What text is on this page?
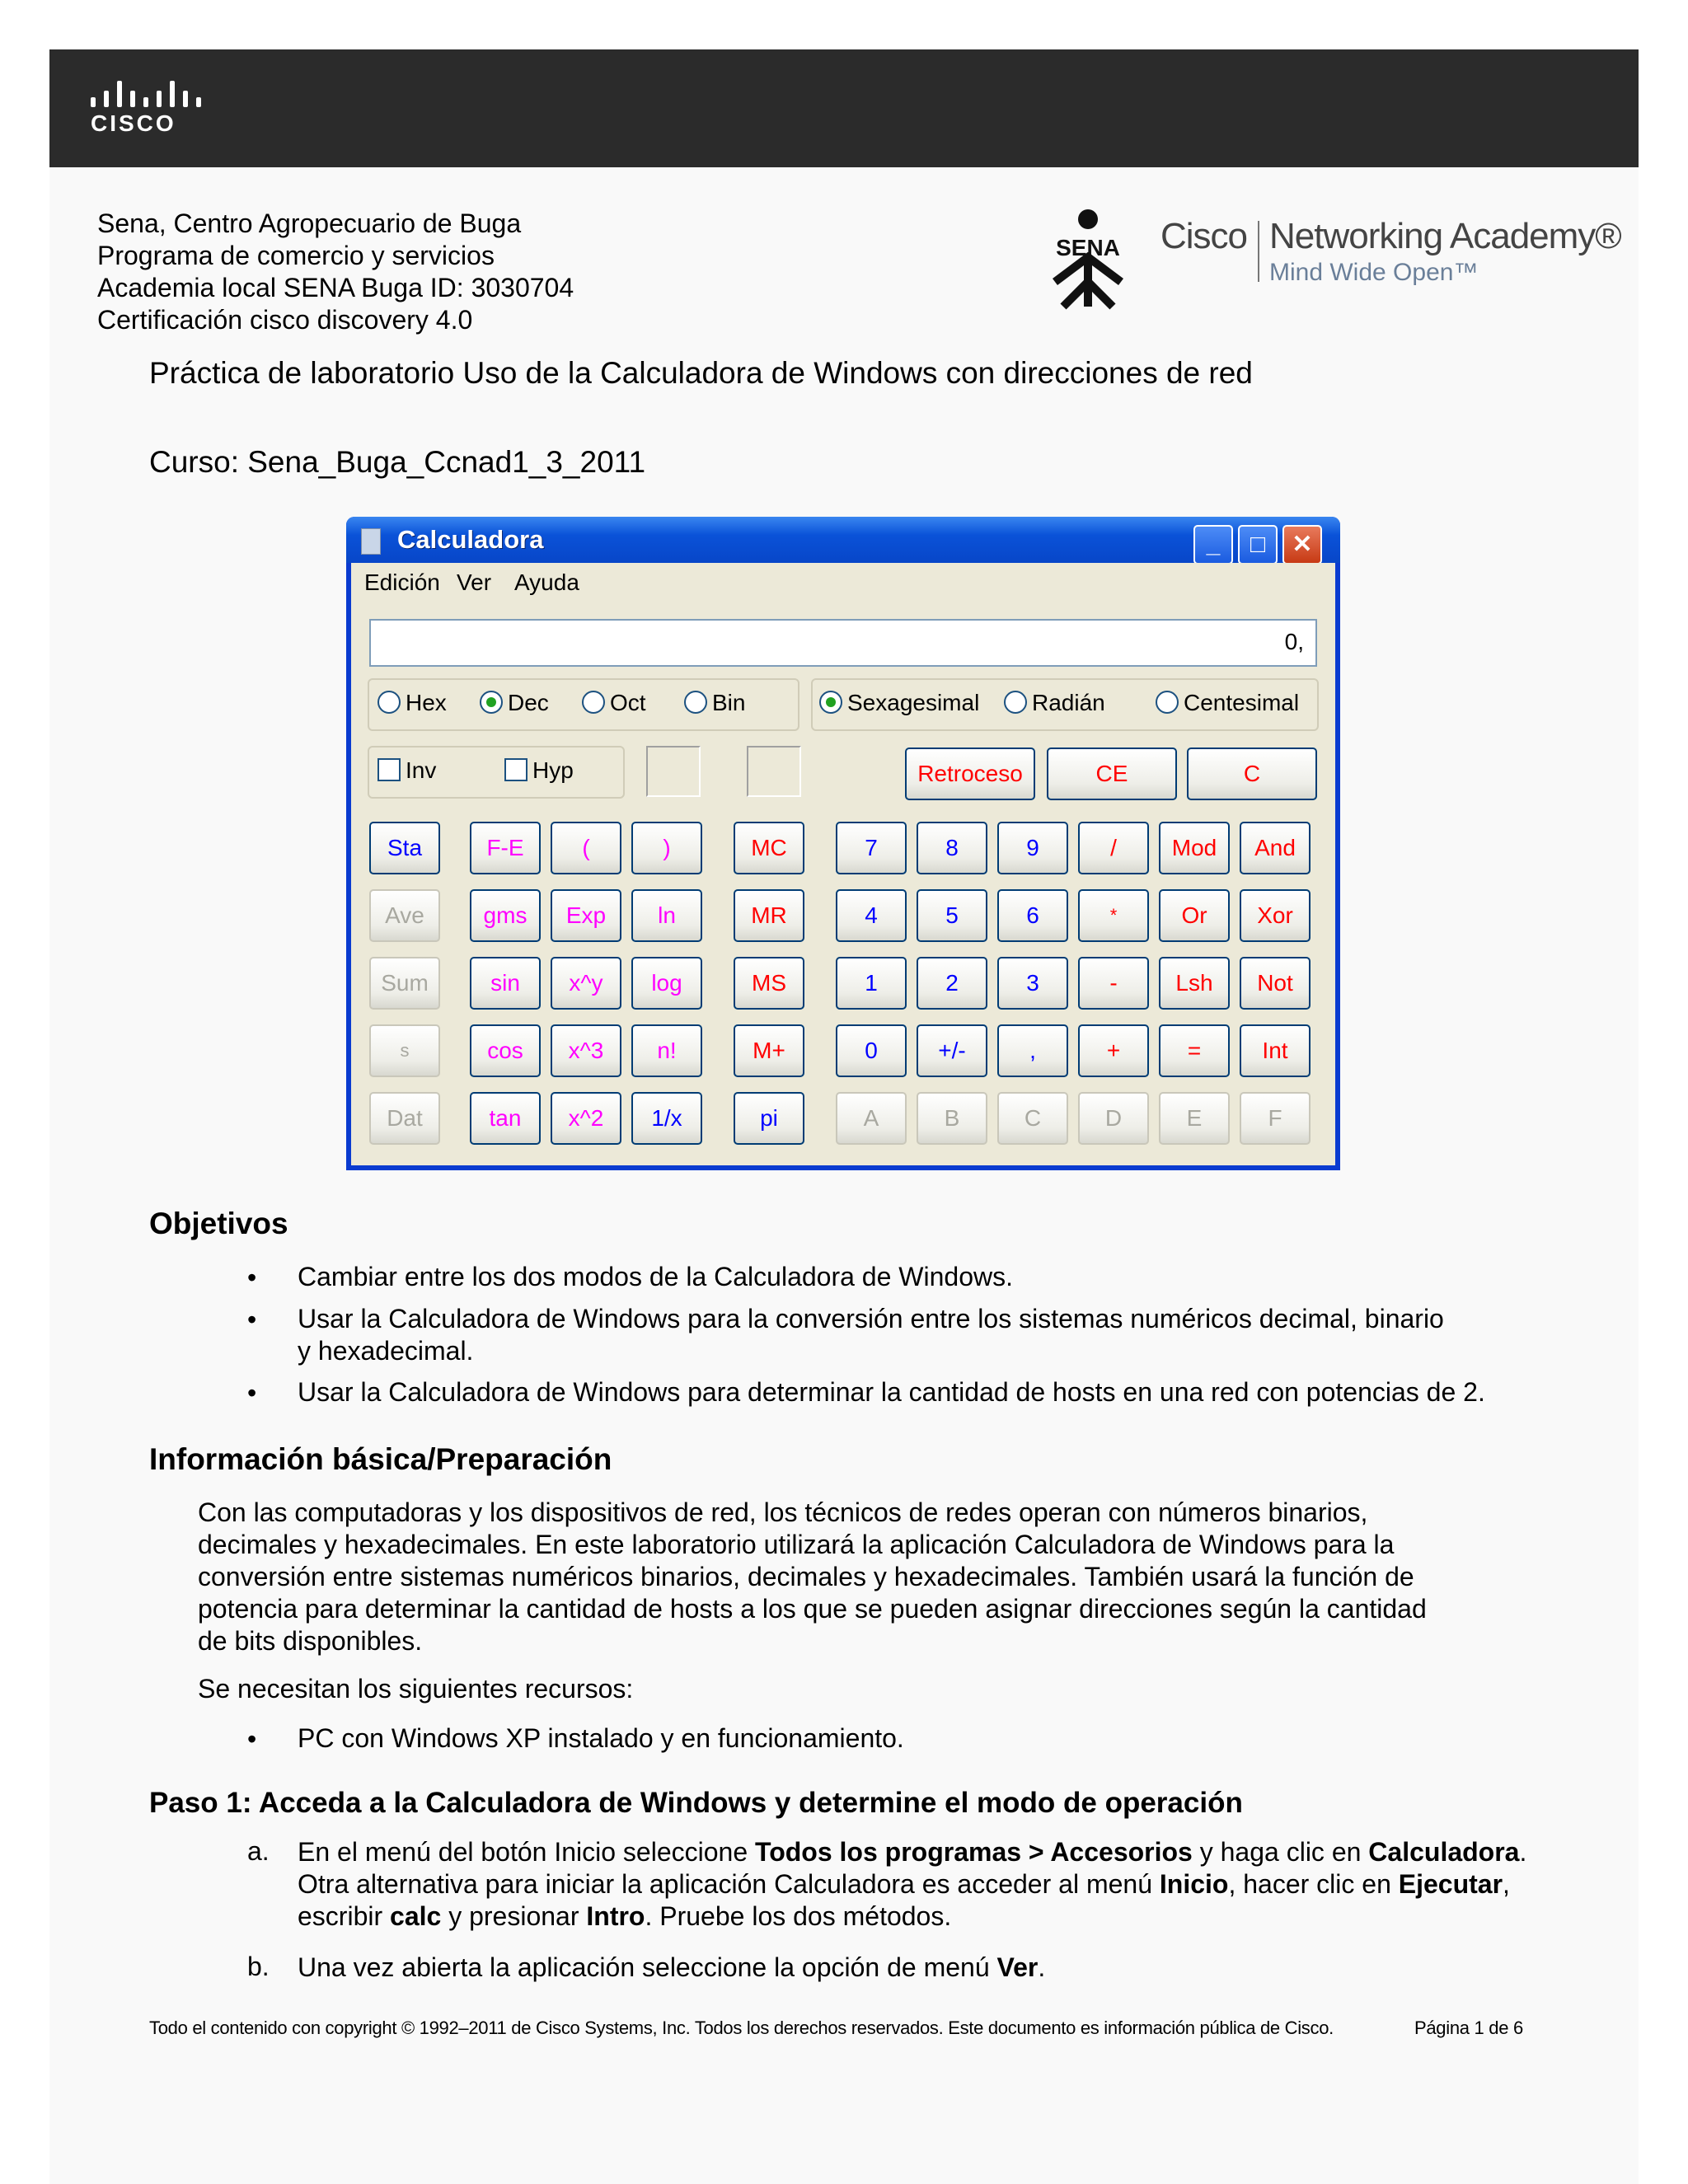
CISCO
Sena, Centro Agropecuario de Buga
Programa de comercio y servicios
Academia local SENA Buga ID: 3030704
Certificación cisco discovery 4.0
SENA Cisco Networking Academy®
Mind Wide Open™
Práctica de laboratorio Uso de la Calculadora de Windows con direcciones de red
Curso: Sena_Buga_Ccnad1_3_2011
Calculadora	_	□	✕
Edición Ver Ayuda
0,
Hex	Dec	Oct	Bin	Sexagesimal	Radián	Centesimal
Inv	Hyp	Retroceso	CE	C
Sta
Ave
Sum
s
Dat
F-E	(	)
gms	Exp	ln
sin	x^y	log
cos	x^3	n!
tan	x^2	1/x
MC
MR
MS
M+
pi
7	8	9	/	Mod	And
4	5	6	*	Or	Xor
1	2	3	-	Lsh	Not
0	+/-	,	+	=	Int
A	B	C	D	E	F
Objetivos
• Cambiar entre los dos modos de la Calculadora de Windows.
• Usar la Calculadora de Windows para la conversión entre los sistemas numéricos decimal, binario
y hexadecimal.
• Usar la Calculadora de Windows para determinar la cantidad de hosts en una red con potencias de 2.
Información básica/Preparación
Con las computadoras y los dispositivos de red, los técnicos de redes operan con números binarios,
decimales y hexadecimales. En este laboratorio utilizará la aplicación Calculadora de Windows para la
conversión entre sistemas numéricos binarios, decimales y hexadecimales. También usará la función de
potencia para determinar la cantidad de hosts a los que se pueden asignar direcciones según la cantidad
de bits disponibles.
Se necesitan los siguientes recursos:
• PC con Windows XP instalado y en funcionamiento.
Paso 1: Acceda a la Calculadora de Windows y determine el modo de operación
a. En el menú del botón Inicio seleccione Todos los programas > Accesorios y haga clic en Calculadora.
Otra alternativa para iniciar la aplicación Calculadora es acceder al menú Inicio, hacer clic en Ejecutar,
escribir calc y presionar Intro. Pruebe los dos métodos.
b. Una vez abierta la aplicación seleccione la opción de menú Ver.
Todo el contenido con copyright © 1992–2011 de Cisco Systems, Inc. Todos los derechos reservados. Este documento es información pública de Cisco.	Página 1 de 6
